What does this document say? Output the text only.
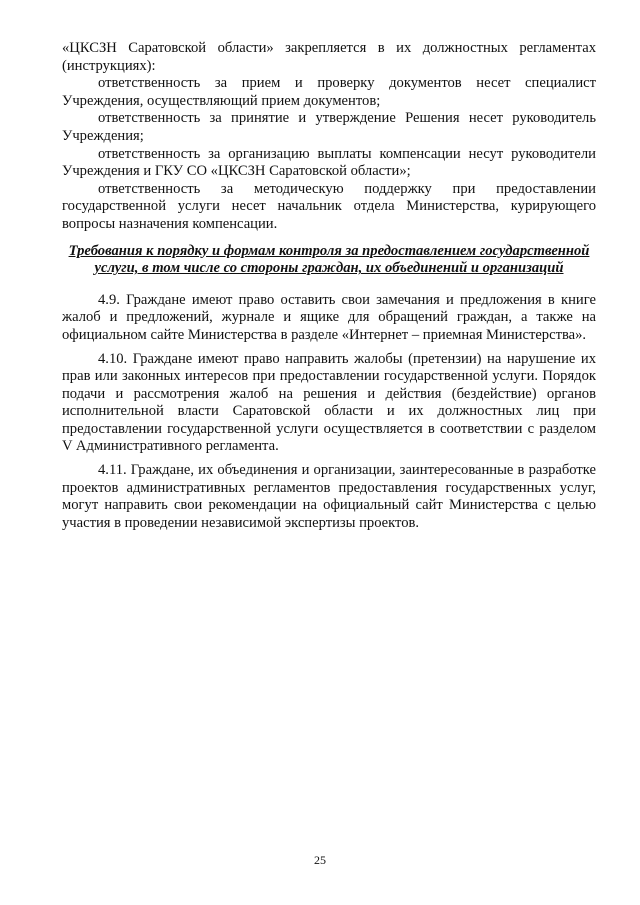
«ЦКСЗН Саратовской области» закрепляется в их должностных регламентах (инструкциях):

ответственность за прием и проверку документов несет специалист Учреждения, осуществляющий прием документов;

ответственность за принятие и утверждение Решения несет руководитель Учреждения;

ответственность за организацию выплаты компенсации несут руководители Учреждения и ГКУ СО «ЦКСЗН Саратовской области»;

ответственность за методическую поддержку при предоставлении государственной услуги несет начальник отдела Министерства, курирующего вопросы назначения компенсации.

Требования к порядку и формам контроля за предоставлением государственной услуги, в том числе со стороны граждан, их объединений и организаций

4.9. Граждане имеют право оставить свои замечания и предложения в книге жалоб и предложений, журнале и ящике для обращений граждан, а также на официальном сайте Министерства в разделе «Интернет – приемная Министерства».

4.10. Граждане имеют право направить жалобы (претензии) на нарушение их прав или законных интересов при предоставлении государственной услуги. Порядок подачи и рассмотрения жалоб на решения и действия (бездействие) органов исполнительной власти Саратовской области и их должностных лиц при предоставлении государственной услуги осуществляется в соответствии с разделом V Административного регламента.

4.11. Граждане, их объединения и организации, заинтересованные в разработке проектов административных регламентов предоставления государственных услуг, могут направить свои рекомендации на официальный сайт Министерства с целью участия в проведении независимой экспертизы проектов.

25
